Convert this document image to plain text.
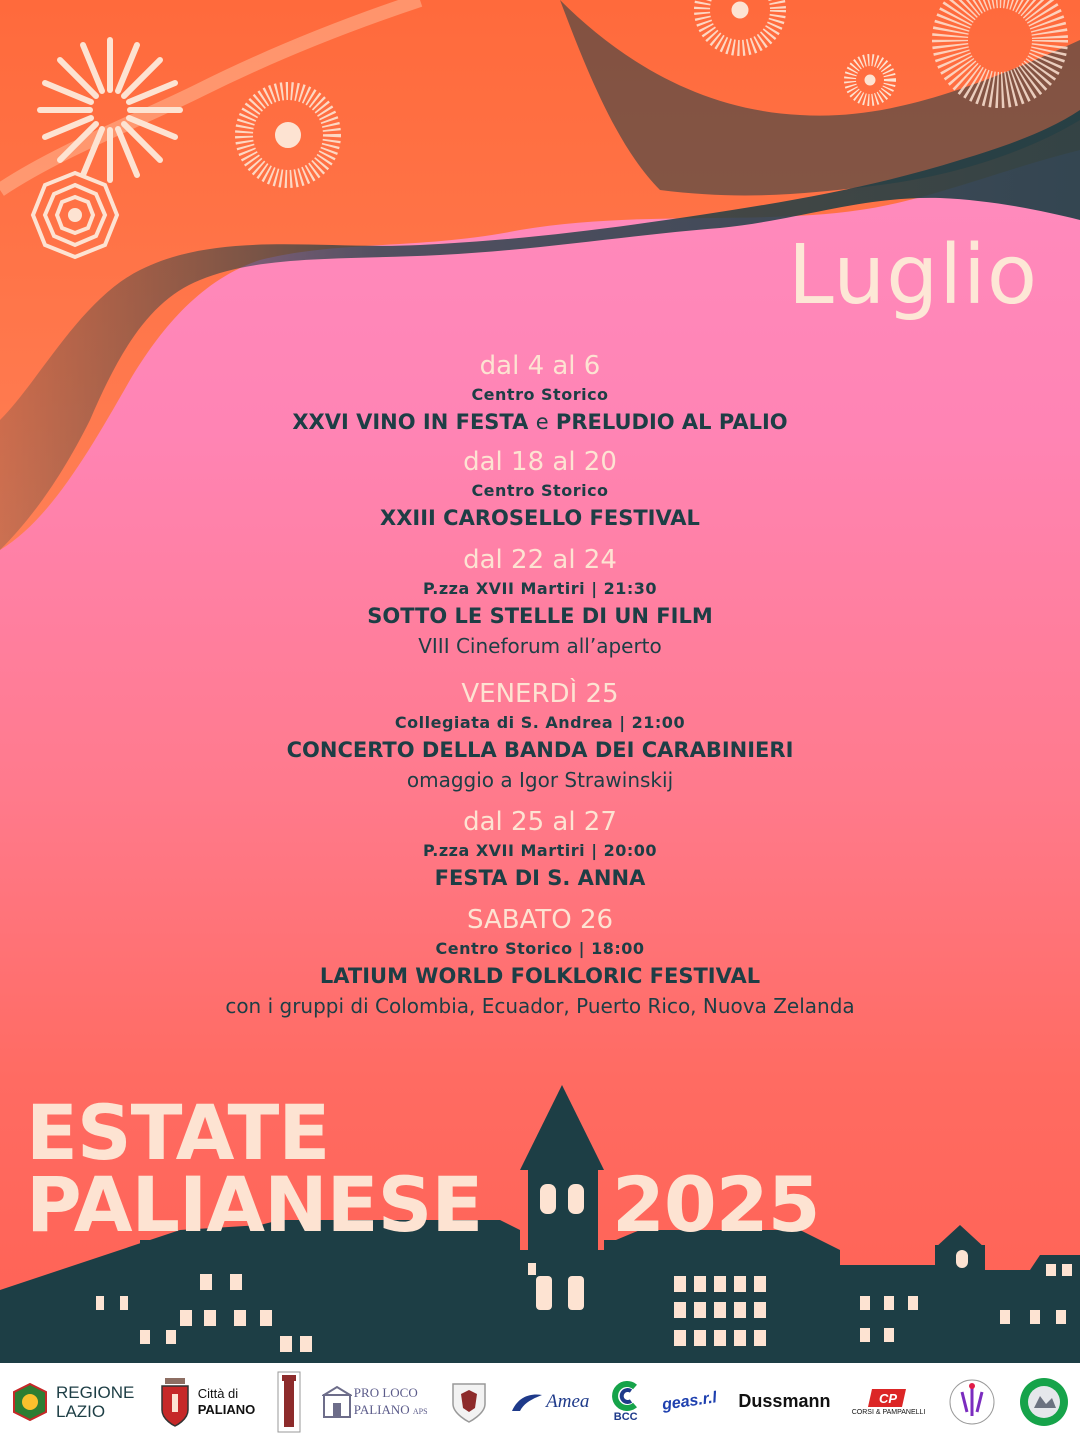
Luglio
dal 4 al 6
Centro Storico
XXVI VINO IN FESTA e PRELUDIO AL PALIO
dal 18 al 20
Centro Storico
XXIII CAROSELLO FESTIVAL
dal 22 al 24
P.zza XVII Martiri | 21:30
SOTTO LE STELLE DI UN FILM
VIII Cineforum all’aperto
VENERDÌ 25
Collegiata di S. Andrea | 21:00
CONCERTO DELLA BANDA DEI CARABINIERI
omaggio a Igor Strawinskij
dal 25 al 27
P.zza XVII Martiri | 20:00
FESTA DI S. ANNA
SABATO 26
Centro Storico | 18:00
LATIUM WORLD FOLKLORIC FESTIVAL
con i gruppi di Colombia, Ecuador, Puerto Rico, Nuova Zelanda
ESTATE
PALIANESE 2025
REGIONE
LAZIO
Città di
PALIANO
PRO LOCO
PALIANO APS	Amea
BCC
geas.r.l Dussmann	CP
CORSI & PAMPANELLI
